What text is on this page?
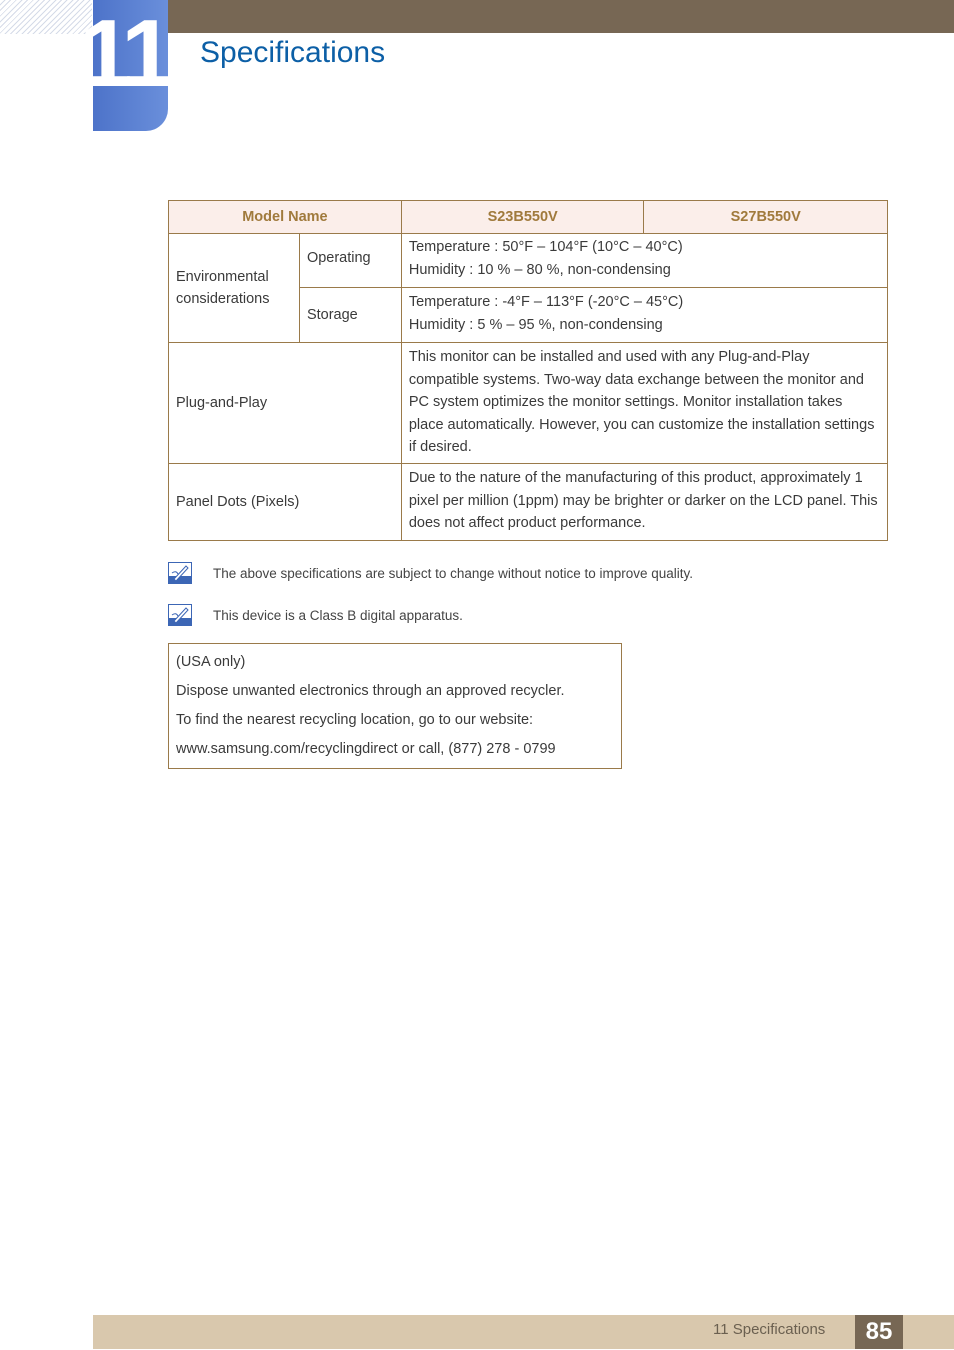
11 Specifications
Model Name		S23B550V	S27B550V
Environmental considerations	Operating	Temperature : 50°F – 104°F (10°C – 40°C)
Humidity : 10 % – 80 %, non-condensing	

	Storage	Temperature : -4°F – 113°F (-20°C – 45°C)
Humidity : 5 % – 95 %, non-condensing	

Plug-and-Play		This monitor can be installed and used with any Plug-and-Play compatible systems. Two-way data exchange between the monitor and PC system optimizes the monitor settings. Monitor installation takes place automatically. However, you can customize the installation settings if desired.	
Panel Dots (Pixels)		Due to the nature of the manufacturing of this product, approximately 1 pixel per million (1ppm) may be brighter or darker on the LCD panel. This does not affect product performance.	
The above specifications are subject to change without notice to improve quality.
This device is a Class B digital apparatus.
(USA only)
Dispose unwanted electronics through an approved recycler.
To find the nearest recycling location, go to our website:
www.samsung.com/recyclingdirect or call, (877) 278 - 0799
11 Specifications	85
